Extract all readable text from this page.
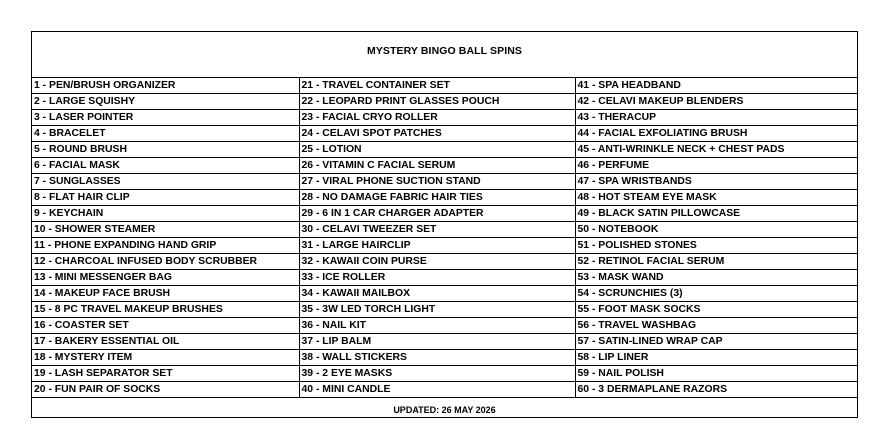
MYSTERY BINGO BALL SPINS
1 - PEN/BRUSH ORGANIZER	21 - TRAVEL CONTAINER SET	41 - SPA HEADBAND
2 - LARGE SQUISHY	22 - LEOPARD PRINT GLASSES POUCH	42 - CELAVI MAKEUP BLENDERS
3 - LASER POINTER	23 - FACIAL CRYO ROLLER	43 - THERACUP
4 - BRACELET	24 - CELAVI SPOT PATCHES	44 - FACIAL EXFOLIATING BRUSH
5 - ROUND BRUSH	25 - LOTION	45 - ANTI-WRINKLE NECK + CHEST PADS
6 - FACIAL MASK	26 - VITAMIN C FACIAL SERUM	46 - PERFUME
7 - SUNGLASSES	27 - VIRAL PHONE SUCTION STAND	47 - SPA WRISTBANDS
8 - FLAT HAIR CLIP	28 - NO DAMAGE FABRIC HAIR TIES	48 - HOT STEAM EYE MASK
9 - KEYCHAIN	29 - 6 IN 1 CAR CHARGER ADAPTER	49 - BLACK SATIN PILLOWCASE
10 - SHOWER STEAMER	30 - CELAVI TWEEZER SET	50 - NOTEBOOK
11 - PHONE EXPANDING HAND GRIP	31 - LARGE HAIRCLIP	51 - POLISHED STONES
12 - CHARCOAL INFUSED BODY SCRUBBER	32 - KAWAII COIN PURSE	52 - RETINOL FACIAL SERUM
13 - MINI MESSENGER BAG	33 - ICE ROLLER	53 - MASK WAND
14 - MAKEUP FACE BRUSH	34 - KAWAII MAILBOX	54 - SCRUNCHIES (3)
15 - 8 PC TRAVEL MAKEUP BRUSHES	35 - 3W LED TORCH LIGHT	55 - FOOT MASK SOCKS
16 - COASTER SET	36 - NAIL KIT	56 - TRAVEL WASHBAG
17 - BAKERY ESSENTIAL OIL	37 - LIP BALM	57 - SATIN-LINED WRAP CAP
18 - MYSTERY ITEM	38 - WALL STICKERS	58 - LIP LINER
19 - LASH SEPARATOR SET	39 - 2 EYE MASKS	59 - NAIL POLISH
20 - FUN PAIR OF SOCKS	40 - MINI CANDLE	60 - 3 DERMAPLANE RAZORS
UPDATED: 26 MAY 2026
